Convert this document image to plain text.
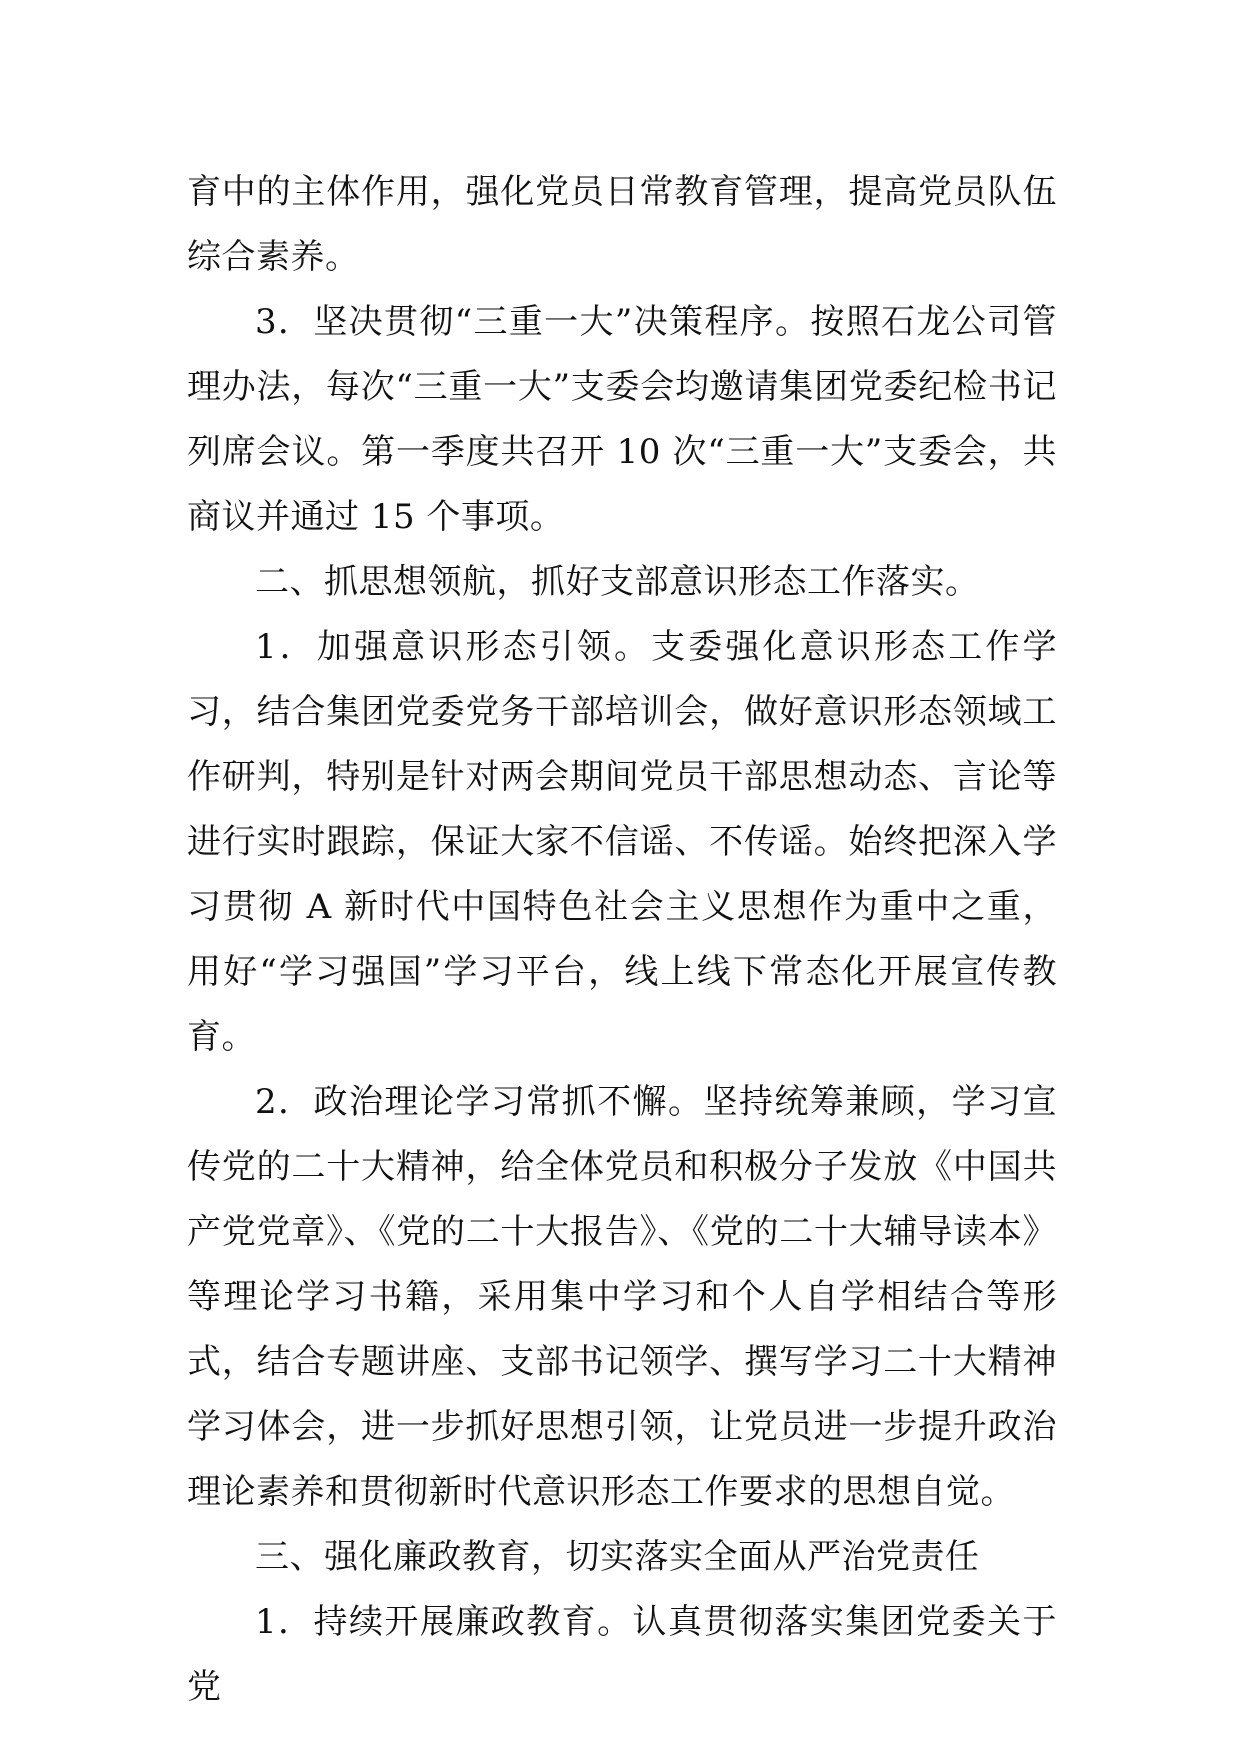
育中的主体作用，强化党员日常教育管理，提高党员队伍综合素养。

3．坚决贯彻“三重一大”决策程序。按照石龙公司管理办法，每次“三重一大”支委会均邀请集团党委纪检书记列席会议。第一季度共召开 10 次“三重一大”支委会，共商议并通过 15 个事项。

二、抓思想领航，抓好支部意识形态工作落实。

1．加强意识形态引领。支委强化意识形态工作学习，结合集团党委党务干部培训会，做好意识形态领域工作研判，特别是针对两会期间党员干部思想动态、言论等进行实时跟踪，保证大家不信谣、不传谣。始终把深入学习贯彻 A 新时代中国特色社会主义思想作为重中之重，用好“学习强国”学习平台，线上线下常态化开展宣传教育。

2．政治理论学习常抓不懈。坚持统筹兼顾，学习宣传党的二十大精神，给全体党员和积极分子发放《中国共产党党章》、《党的二十大报告》、《党的二十大辅导读本》等理论学习书籍，采用集中学习和个人自学相结合等形式，结合专题讲座、支部书记领学、撰写学习二十大精神学习体会，进一步抓好思想引领，让党员进一步提升政治理论素养和贯彻新时代意识形态工作要求的思想自觉。

三、强化廉政教育，切实落实全面从严治党责任

1．持续开展廉政教育。认真贯彻落实集团党委关于党
